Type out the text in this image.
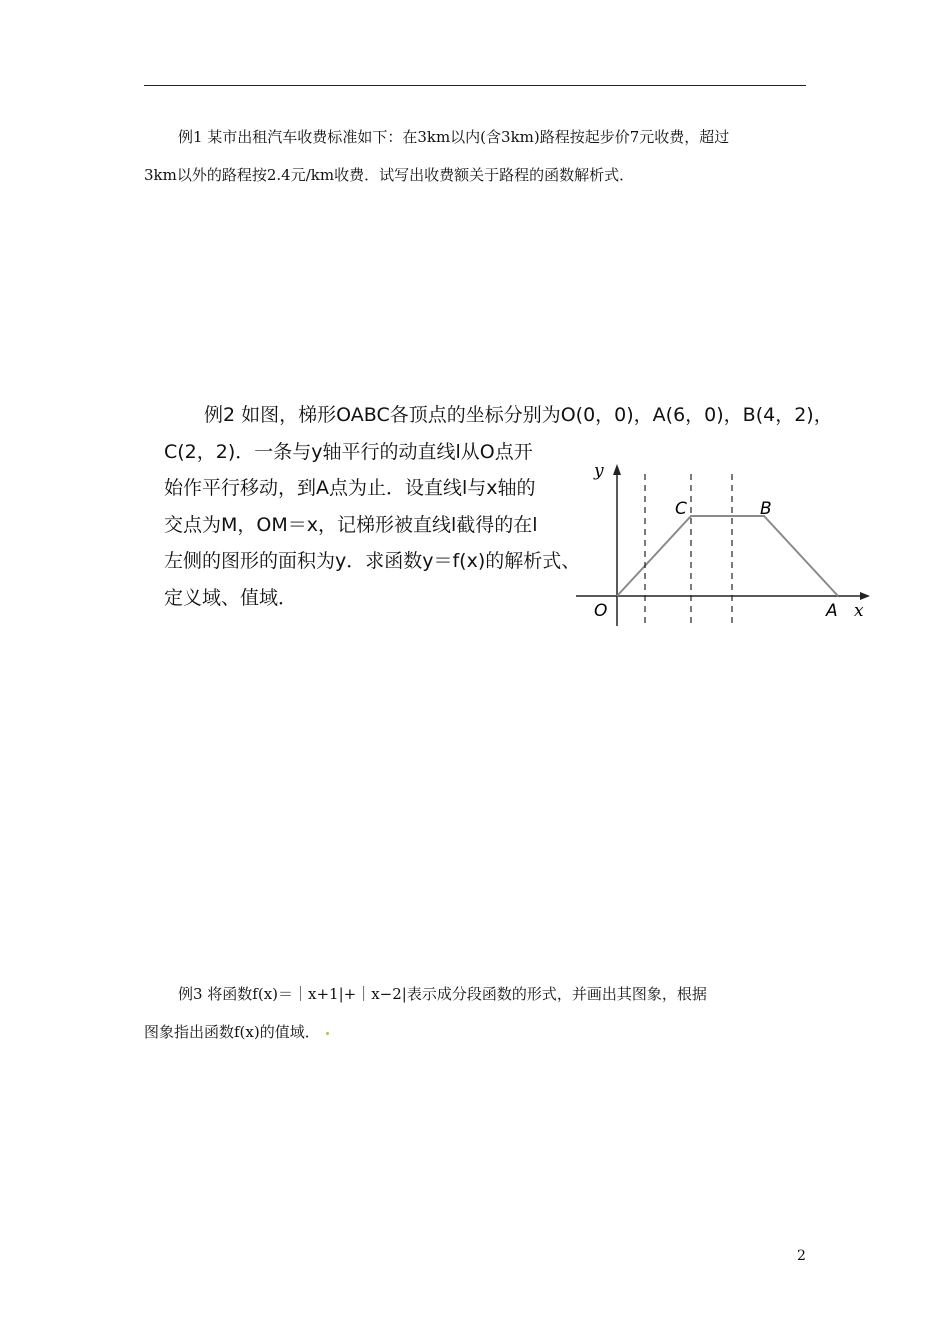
例1 某市出租汽车收费标准如下：在3km以内(含3km)路程按起步价7元收费，超过
3km以外的路程按2.4元/km收费．试写出收费额关于路程的函数解析式．
例2 如图，梯形OABC各顶点的坐标分别为O(0，0)，A(6，0)，B(4，2)，
C(2，2)．一条与y轴平行的动直线l从O点开
始作平行移动，到A点为止．设直线l与x轴的
交点为M，OM＝x，记梯形被直线l截得的在l
左侧的图形的面积为y．求函数y＝f(x)的解析式、
定义域、值域．
y
x
O	A
B
C
例3 将函数f(x)＝｜x+1|+｜x−2|表示成分段函数的形式，并画出其图象，根据
图象指出函数f(x)的值域．
2
